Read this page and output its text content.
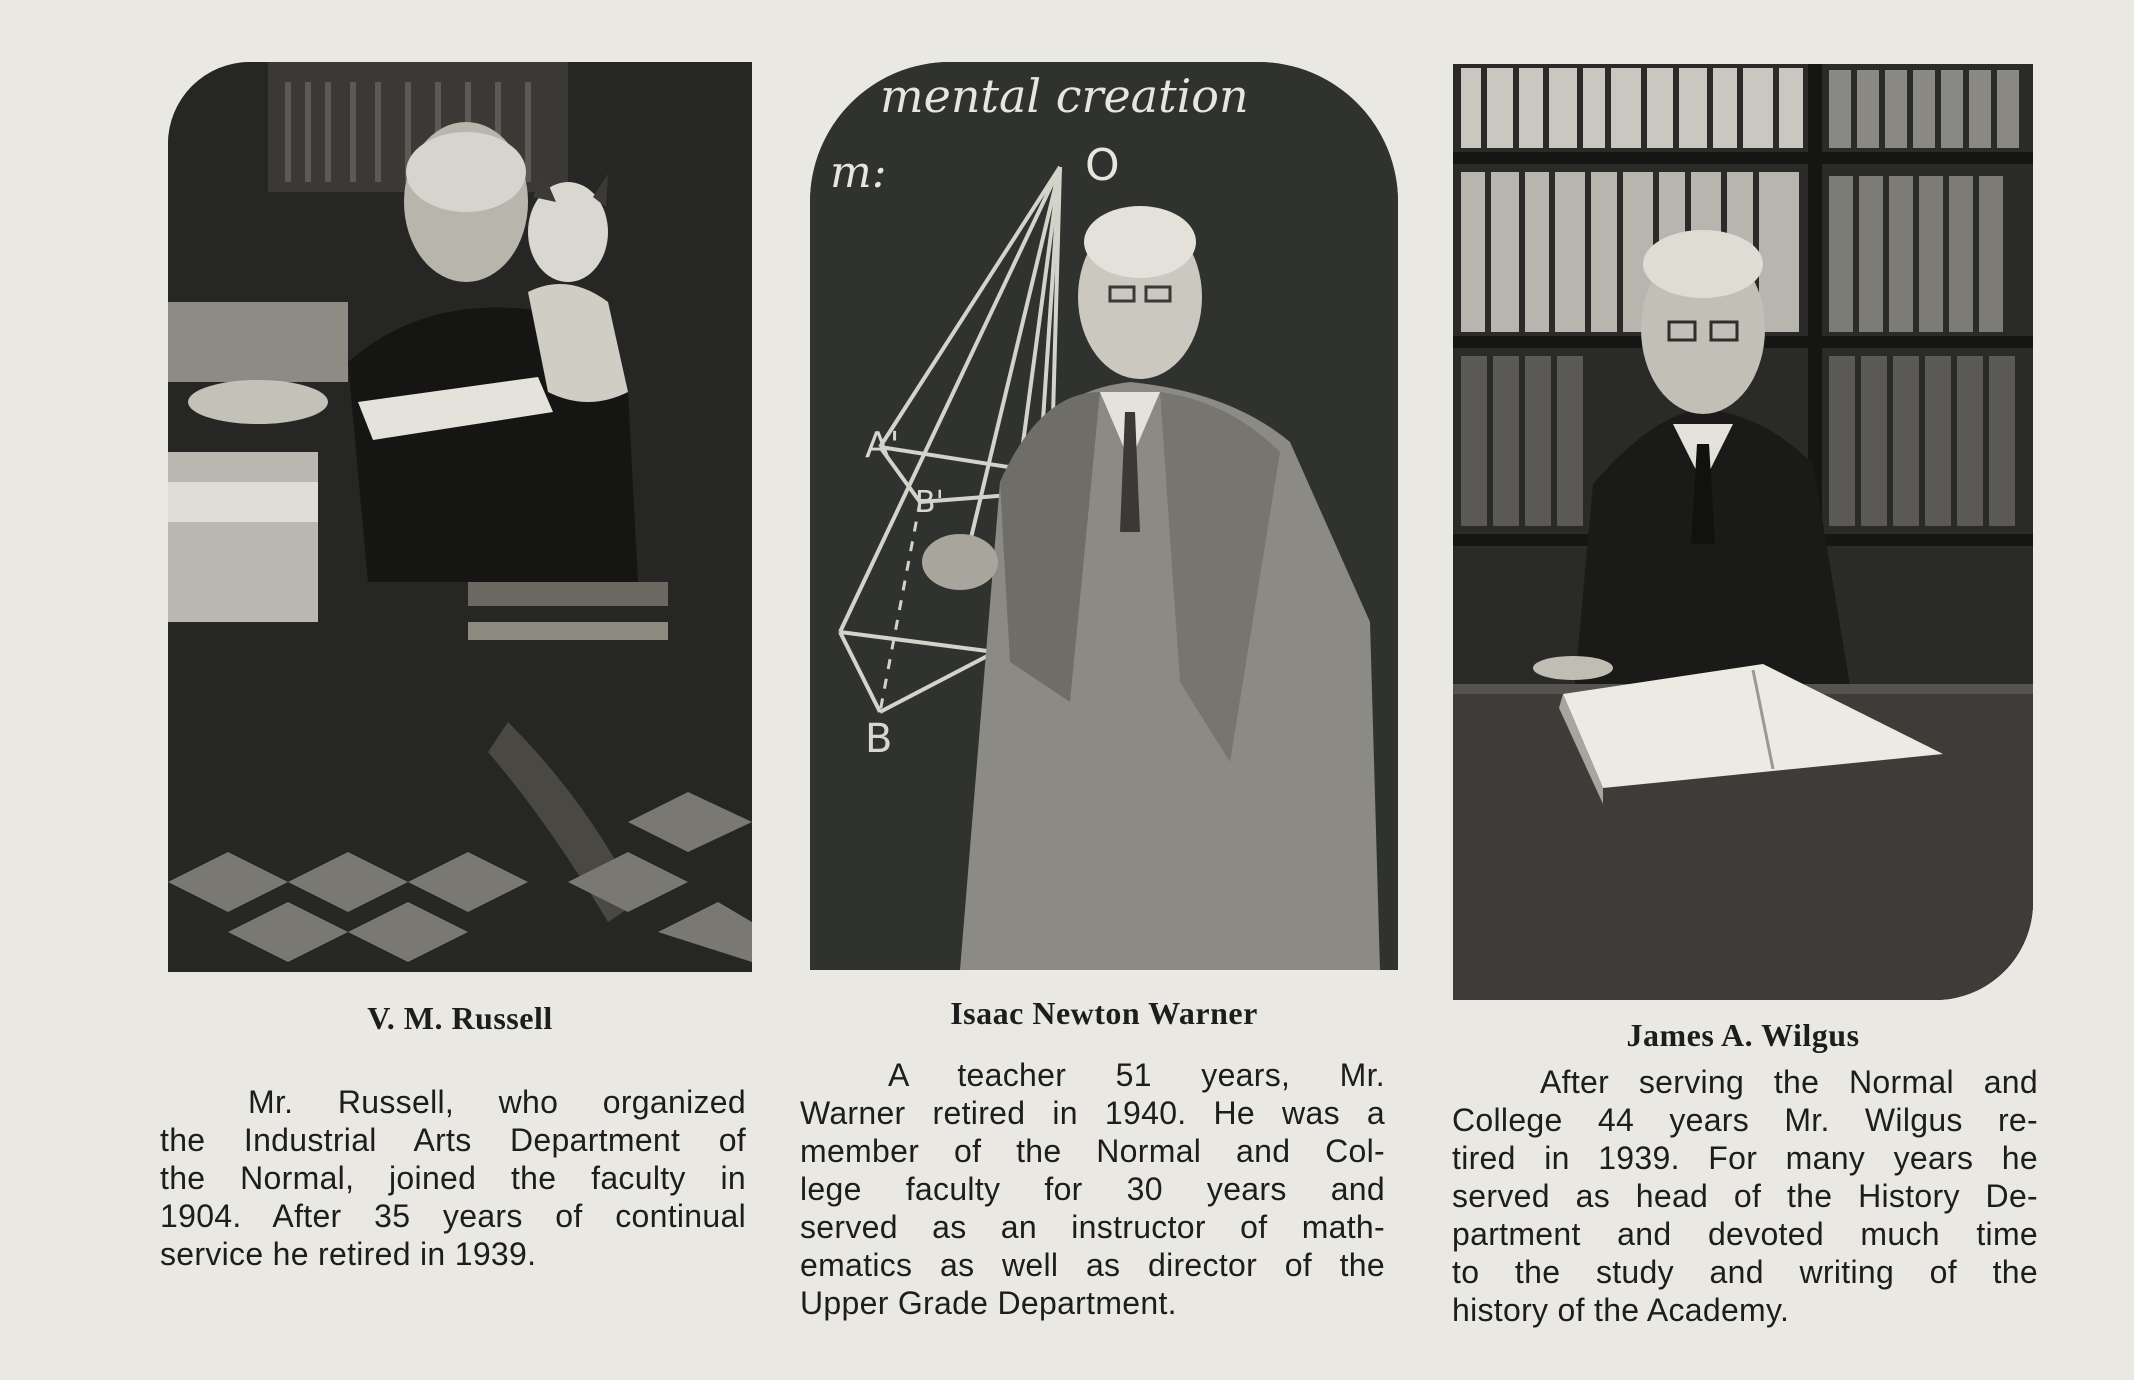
V. M. Russell
Mr. Russell, who organized
the Industrial Arts Department of
the Normal, joined the faculty in
1904. After 35 years of continual
service he retired in 1939.
mental creation
m:	O
A'
B'
B
Isaac Newton Warner
A teacher 51 years, Mr.
Warner retired in 1940. He was a
member of the Normal and Col-
lege faculty for 30 years and
served as an instructor of math-
ematics as well as director of the
Upper Grade Department.
James A. Wilgus
After serving the Normal and
College 44 years Mr. Wilgus re-
tired in 1939. For many years he
served as head of the History De-
partment and devoted much time
to the study and writing of the
history of the Academy.
